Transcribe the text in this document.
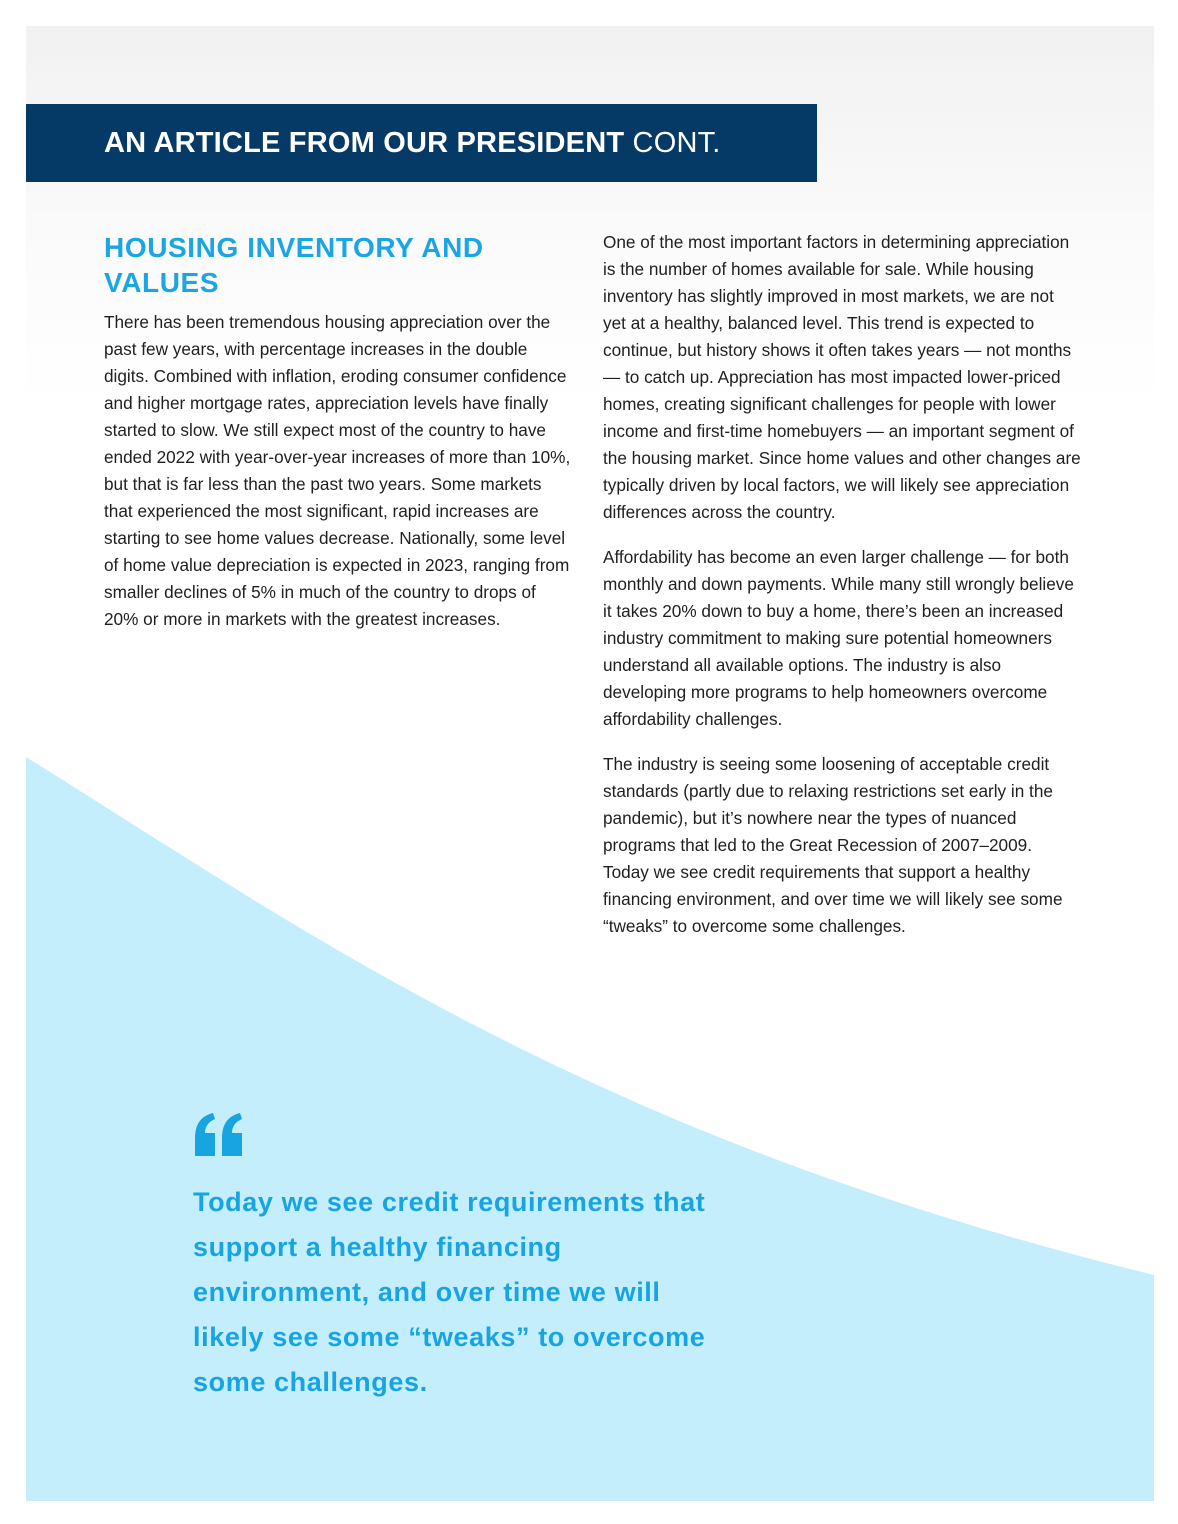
AN ARTICLE FROM OUR PRESIDENT CONT.
HOUSING INVENTORY AND VALUES

There has been tremendous housing appreciation over the past few years, with percentage increases in the double digits. Combined with inflation, eroding consumer confidence and higher mortgage rates, appreciation levels have finally started to slow. We still expect most of the country to have ended 2022 with year-over-year increases of more than 10%, but that is far less than the past two years. Some markets that experienced the most significant, rapid increases are starting to see home values decrease. Nationally, some level of home value depreciation is expected in 2023, ranging from smaller declines of 5% in much of the country to drops of 20% or more in markets with the greatest increases.

One of the most important factors in determining appreciation is the number of homes available for sale. While housing inventory has slightly improved in most markets, we are not yet at a healthy, balanced level. This trend is expected to continue, but history shows it often takes years — not months — to catch up. Appreciation has most impacted lower-priced homes, creating significant challenges for people with lower income and first-time homebuyers — an important segment of the housing market. Since home values and other changes are typically driven by local factors, we will likely see appreciation differences across the country.

Affordability has become an even larger challenge — for both monthly and down payments. While many still wrongly believe it takes 20% down to buy a home, there’s been an increased industry commitment to making sure potential homeowners understand all available options. The industry is also developing more programs to help homeowners overcome affordability challenges.

The industry is seeing some loosening of acceptable credit standards (partly due to relaxing restrictions set early in the pandemic), but it’s nowhere near the types of nuanced programs that led to the Great Recession of 2007–2009. Today we see credit requirements that support a healthy financing environment, and over time we will likely see some “tweaks” to overcome some challenges.

Today we see credit requirements that support a healthy financing environment, and over time we will likely see some “tweaks” to overcome some challenges.
